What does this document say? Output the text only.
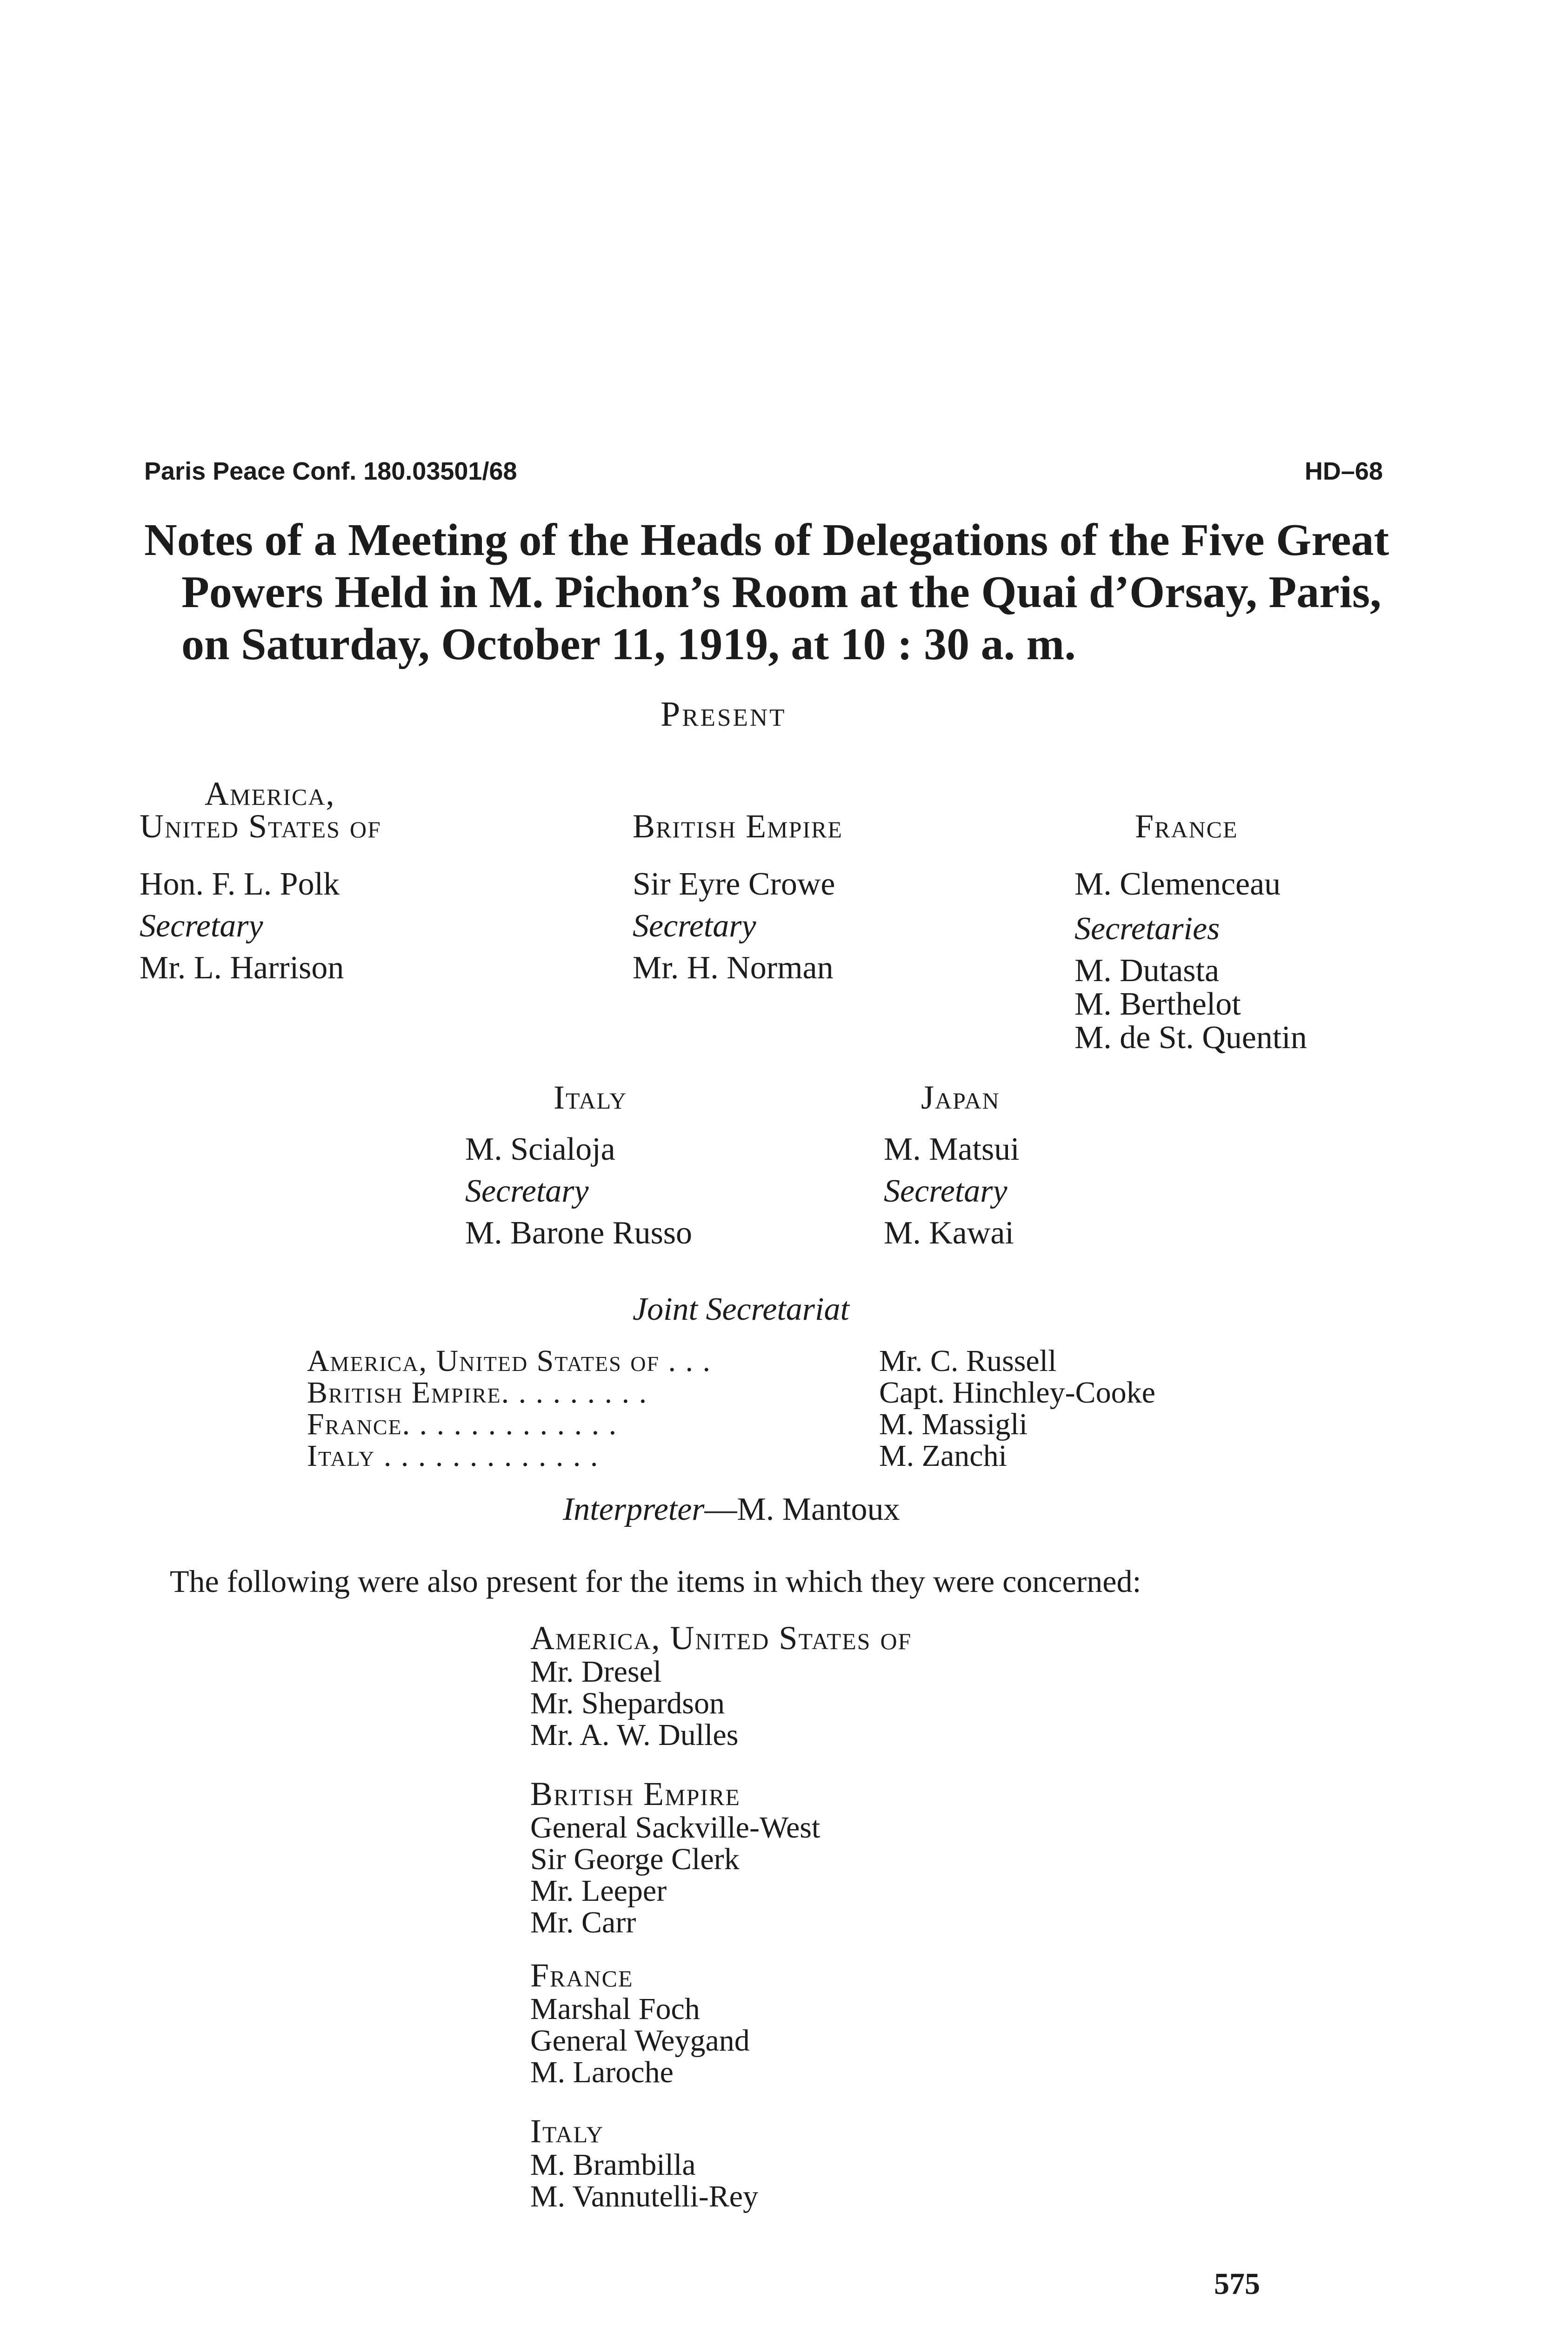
Paris Peace Conf. 180.03501/68	HD–68
Notes of a Meeting of the Heads of Delegations of the Five Great
Powers Held in M. Pichon’s Room at the Quai d’Orsay, Paris,
on Saturday, October 11, 1919, at 10 : 30 a. m.
Present
America,
United States of
Hon. F. L. Polk
Secretary
Mr. L. Harrison
British Empire
Sir Eyre Crowe
Secretary
Mr. H. Norman
France
M. Clemenceau
Secretaries
M. Dutasta
M. Berthelot
M. de St. Quentin
Italy
M. Scialoja
Secretary
M. Barone Russo
Japan
M. Matsui
Secretary
M. Kawai
Joint Secretariat
America, United States of . . .
British Empire. . . . . . . . .
France. . . . . . . . . . . . .
Italy . . . . . . . . . . . . .
Mr. C. Russell
Capt. Hinchley-Cooke
M. Massigli
M. Zanchi
Interpreter—M. Mantoux
The following were also present for the items in which they were concerned:
America, United States of
Mr. Dresel
Mr. Shepardson
Mr. A. W. Dulles
British Empire
General Sackville-West
Sir George Clerk
Mr. Leeper
Mr. Carr
France
Marshal Foch
General Weygand
M. Laroche
Italy
M. Brambilla
M. Vannutelli-Rey
575
